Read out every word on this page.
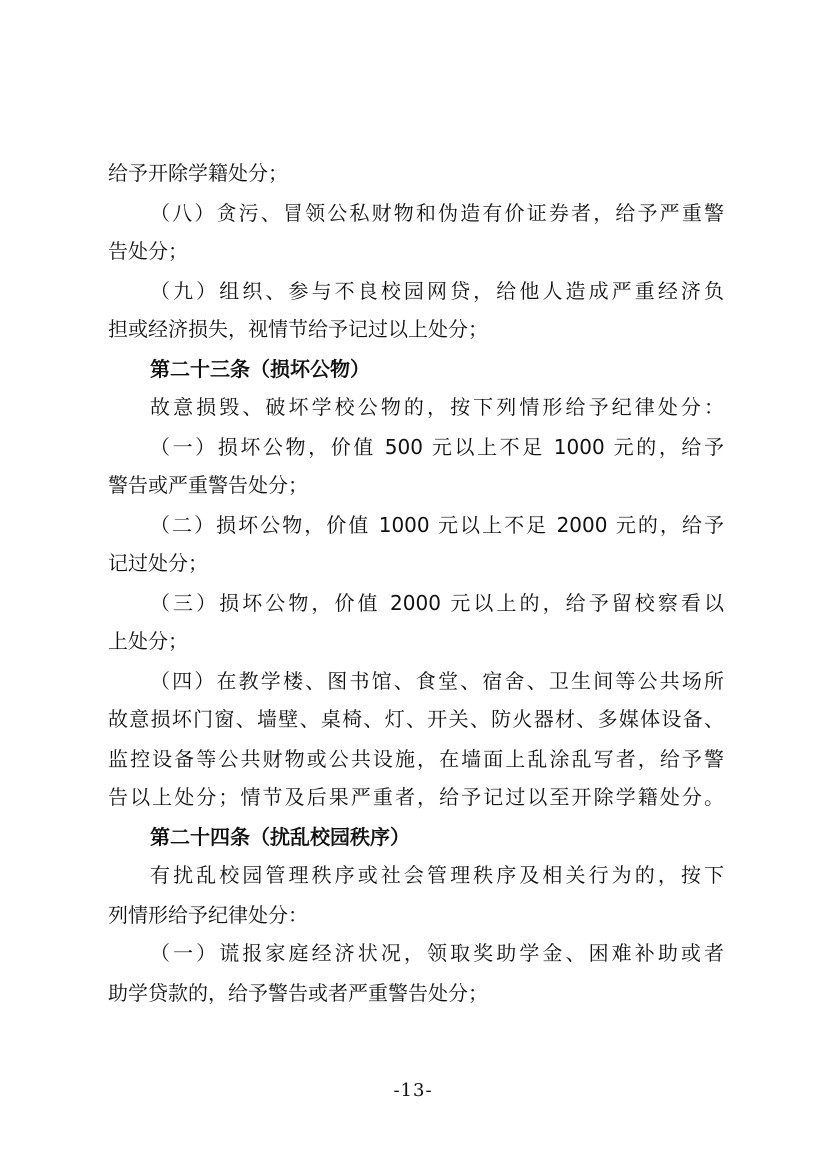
给予开除学籍处分；
（八）贪污、冒领公私财物和伪造有价证券者，给予严重警
告处分；
（九）组织、参与不良校园网贷，给他人造成严重经济负
担或经济损失，视情节给予记过以上处分；
第二十三条（损坏公物）
故意损毁、破坏学校公物的，按下列情形给予纪律处分：
（一）损坏公物，价值 500 元以上不足 1000 元的，给予
警告或严重警告处分；
（二）损坏公物，价值 1000 元以上不足 2000 元的，给予
记过处分；
（三）损坏公物，价值 2000 元以上的，给予留校察看以
上处分；
（四）在教学楼、图书馆、食堂、宿舍、卫生间等公共场所
故意损坏门窗、墙壁、桌椅、灯、开关、防火器材、多媒体设备、
监控设备等公共财物或公共设施，在墙面上乱涂乱写者，给予警
告以上处分；情节及后果严重者，给予记过以至开除学籍处分。
第二十四条（扰乱校园秩序）
有扰乱校园管理秩序或社会管理秩序及相关行为的，按下
列情形给予纪律处分：
（一）谎报家庭经济状况，领取奖助学金、困难补助或者
助学贷款的，给予警告或者严重警告处分；
-13-
